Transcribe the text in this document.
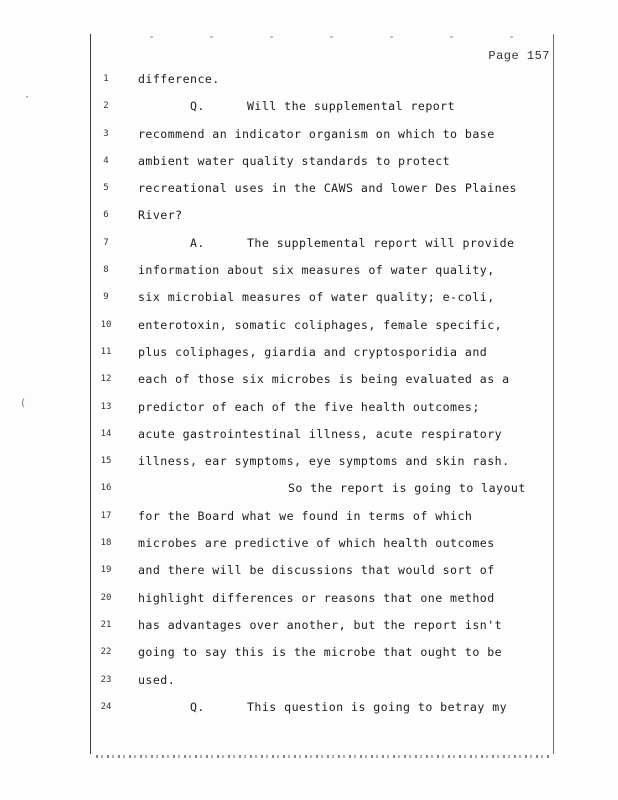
·
(
Page 157
1
2
3
4
5
6
7
8
9
10
11
12
13
14
15
16
17
18
19
20
21
22
23
24
difference.
Q.	Will the supplemental report
recommend an indicator organism on which to base
ambient water quality standards to protect
recreational uses in the CAWS and lower Des Plaines
River?
A.	The supplemental report will provide
information about six measures of water quality,
six microbial measures of water quality; e-coli,
enterotoxin, somatic coliphages, female specific,
plus coliphages, giardia and cryptosporidia and
each of those six microbes is being evaluated as a
predictor of each of the five health outcomes;
acute gastrointestinal illness, acute respiratory
illness, ear symptoms, eye symptoms and skin rash.
So the report is going to layout
for the Board what we found in terms of which
microbes are predictive of which health outcomes
and there will be discussions that would sort of
highlight differences or reasons that one method
has advantages over another, but the report isn't
going to say this is the microbe that ought to be
used.
Q.	This question is going to betray my
